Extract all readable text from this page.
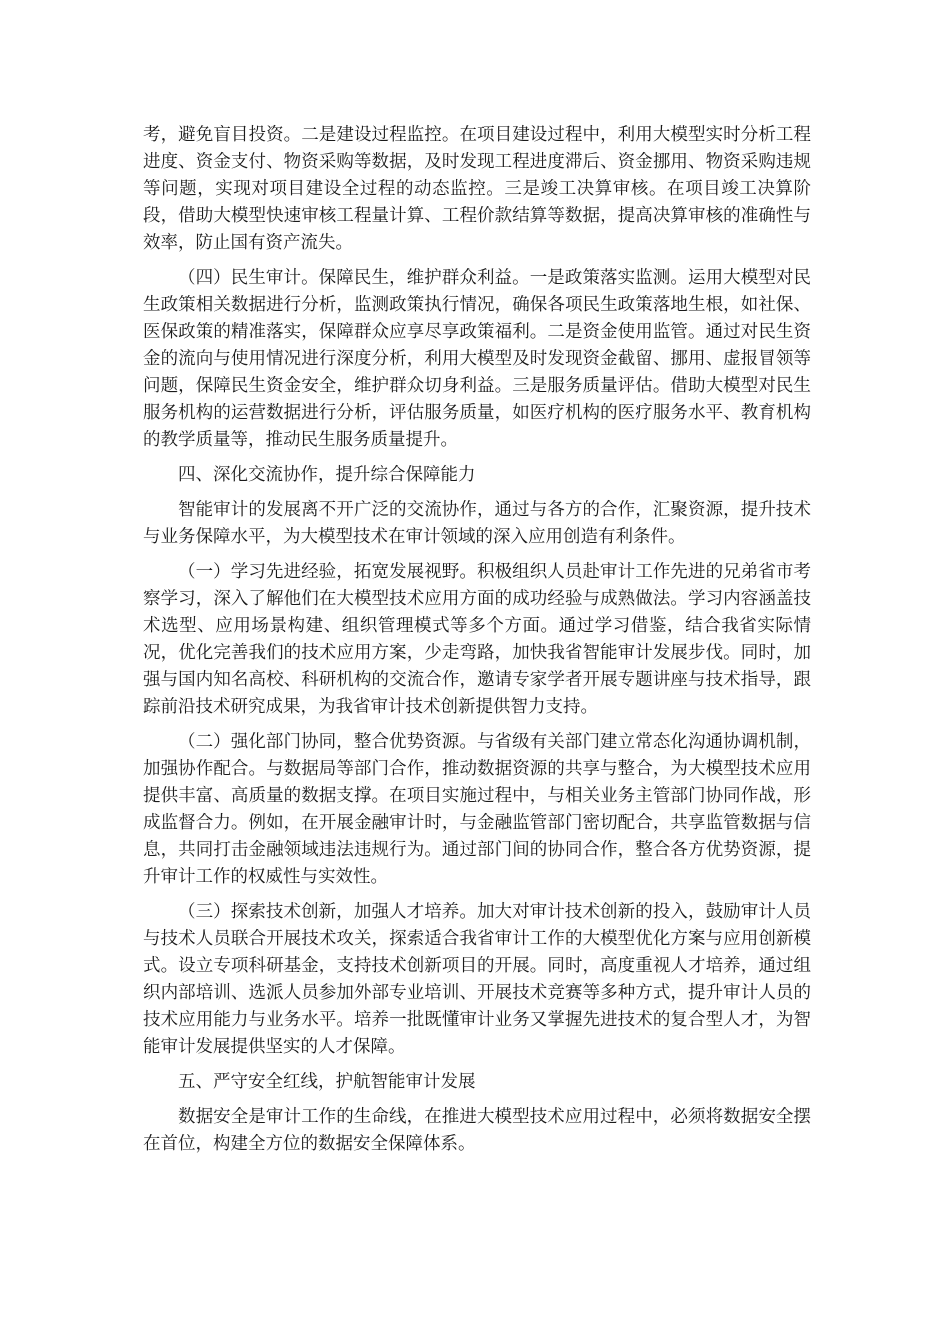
考，避免盲目投资。二是建设过程监控。在项目建设过程中，利用大模型实时分析工程进度、资金支付、物资采购等数据，及时发现工程进度滞后、资金挪用、物资采购违规等问题，实现对项目建设全过程的动态监控。三是竣工决算审核。在项目竣工决算阶段，借助大模型快速审核工程量计算、工程价款结算等数据，提高决算审核的准确性与效率，防止国有资产流失。

（四）民生审计。保障民生，维护群众利益。一是政策落实监测。运用大模型对民生政策相关数据进行分析，监测政策执行情况，确保各项民生政策落地生根，如社保、医保政策的精准落实，保障群众应享尽享政策福利。二是资金使用监管。通过对民生资金的流向与使用情况进行深度分析，利用大模型及时发现资金截留、挪用、虚报冒领等问题，保障民生资金安全，维护群众切身利益。三是服务质量评估。借助大模型对民生服务机构的运营数据进行分析，评估服务质量，如医疗机构的医疗服务水平、教育机构的教学质量等，推动民生服务质量提升。

四、深化交流协作，提升综合保障能力

智能审计的发展离不开广泛的交流协作，通过与各方的合作，汇聚资源，提升技术与业务保障水平，为大模型技术在审计领域的深入应用创造有利条件。

（一）学习先进经验，拓宽发展视野。积极组织人员赴审计工作先进的兄弟省市考察学习，深入了解他们在大模型技术应用方面的成功经验与成熟做法。学习内容涵盖技术选型、应用场景构建、组织管理模式等多个方面。通过学习借鉴，结合我省实际情况，优化完善我们的技术应用方案，少走弯路，加快我省智能审计发展步伐。同时，加强与国内知名高校、科研机构的交流合作，邀请专家学者开展专题讲座与技术指导，跟踪前沿技术研究成果，为我省审计技术创新提供智力支持。

（二）强化部门协同，整合优势资源。与省级有关部门建立常态化沟通协调机制，加强协作配合。与数据局等部门合作，推动数据资源的共享与整合，为大模型技术应用提供丰富、高质量的数据支撑。在项目实施过程中，与相关业务主管部门协同作战，形成监督合力。例如，在开展金融审计时，与金融监管部门密切配合，共享监管数据与信息，共同打击金融领域违法违规行为。通过部门间的协同合作，整合各方优势资源，提升审计工作的权威性与实效性。

（三）探索技术创新，加强人才培养。加大对审计技术创新的投入，鼓励审计人员与技术人员联合开展技术攻关，探索适合我省审计工作的大模型优化方案与应用创新模式。设立专项科研基金，支持技术创新项目的开展。同时，高度重视人才培养，通过组织内部培训、选派人员参加外部专业培训、开展技术竞赛等多种方式，提升审计人员的技术应用能力与业务水平。培养一批既懂审计业务又掌握先进技术的复合型人才，为智能审计发展提供坚实的人才保障。

五、严守安全红线，护航智能审计发展

数据安全是审计工作的生命线，在推进大模型技术应用过程中，必须将数据安全摆在首位，构建全方位的数据安全保障体系。
